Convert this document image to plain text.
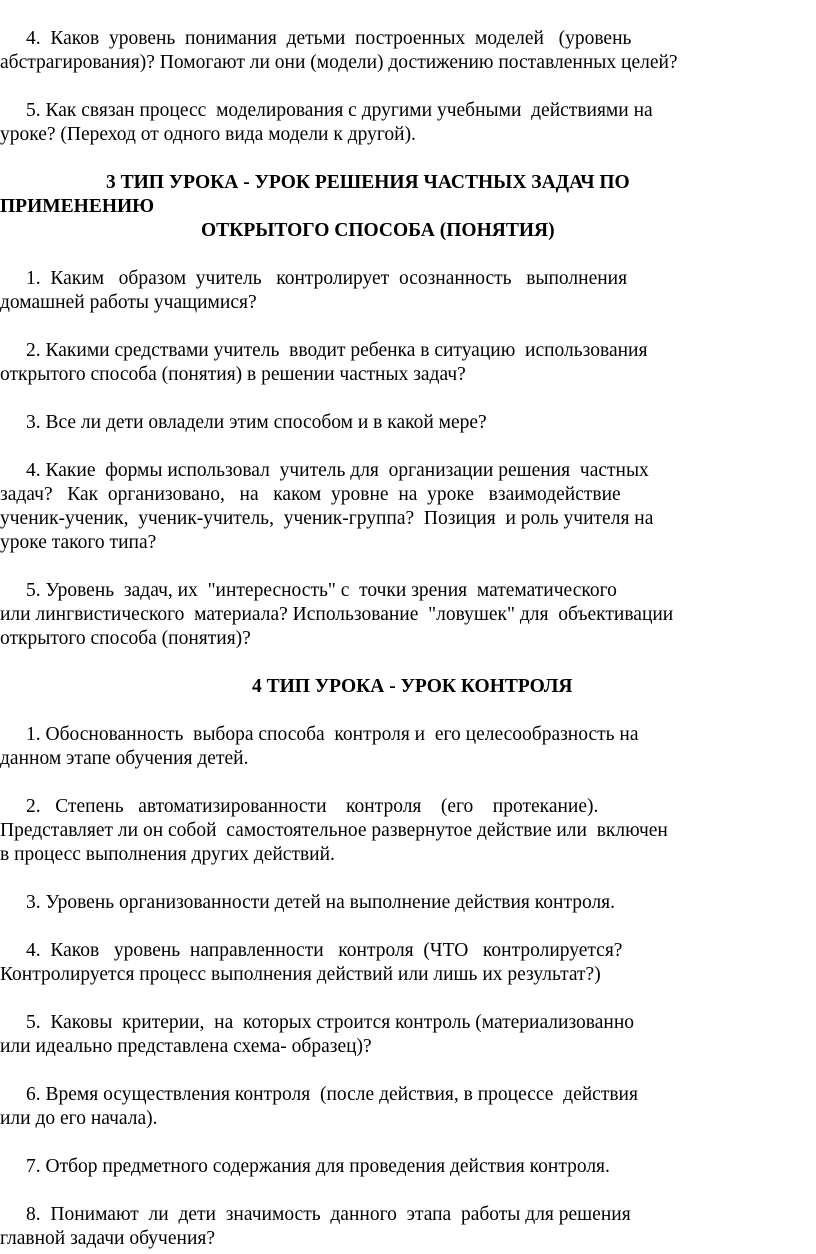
4.  Каков  уровень  понимания  детьми  построенных  моделей   (уровень

абстрагирования)? Помогают ли они (модели) достижению поставленных целей?

5. Как связан процесс  моделирования с другими учебными  действиями на

уроке? (Переход от одного вида модели к другой).

3 ТИП УРОКА - УРОК РЕШЕНИЯ ЧАСТНЫХ ЗАДАЧ ПО

ПРИМЕНЕНИЮ

ОТКРЫТОГО СПОСОБА (ПОНЯТИЯ)

1.  Каким   образом  учитель   контролирует  осознанность   выполнения

домашней работы учащимися?

2. Какими средствами учитель  вводит ребенка в ситуацию  использования

открытого способа (понятия) в решении частных задач?

3. Все ли дети овладели этим способом и в какой мере?

4. Какие  формы использовал  учитель для  организации решения  частных

задач?   Как  организовано,   на   каком  уровне  на  уроке   взаимодействие

ученик-ученик,  ученик-учитель,  ученик-группа?  Позиция  и роль учителя на

уроке такого типа?

5. Уровень  задач, их  "интересность" с  точки зрения  математического

или лингвистического  материала? Использование  "ловушек" для  объективации

открытого способа (понятия)?

4 ТИП УРОКА - УРОК КОНТРОЛЯ

1. Обоснованность  выбора способа  контроля и  его целесообразность на

данном этапе обучения детей.

2.   Степень   автоматизированности    контроля    (его    протекание).

Представляет ли он собой  самостоятельное развернутое действие или  включен

в процесс выполнения других действий.

3. Уровень организованности детей на выполнение действия контроля.

4.  Каков   уровень  направленности   контроля  (ЧТО   контролируется?

Контролируется процесс выполнения действий или лишь их результат?)

5.  Каковы  критерии,  на  которых строится контроль (материализованно

или идеально представлена схема- образец)?

6. Время осуществления контроля  (после действия, в процессе  действия

или до его начала).

7. Отбор предметного содержания для проведения действия контроля.

8.  Понимают  ли  дети  значимость  данного  этапа  работы для решения

главной задачи обучения?
